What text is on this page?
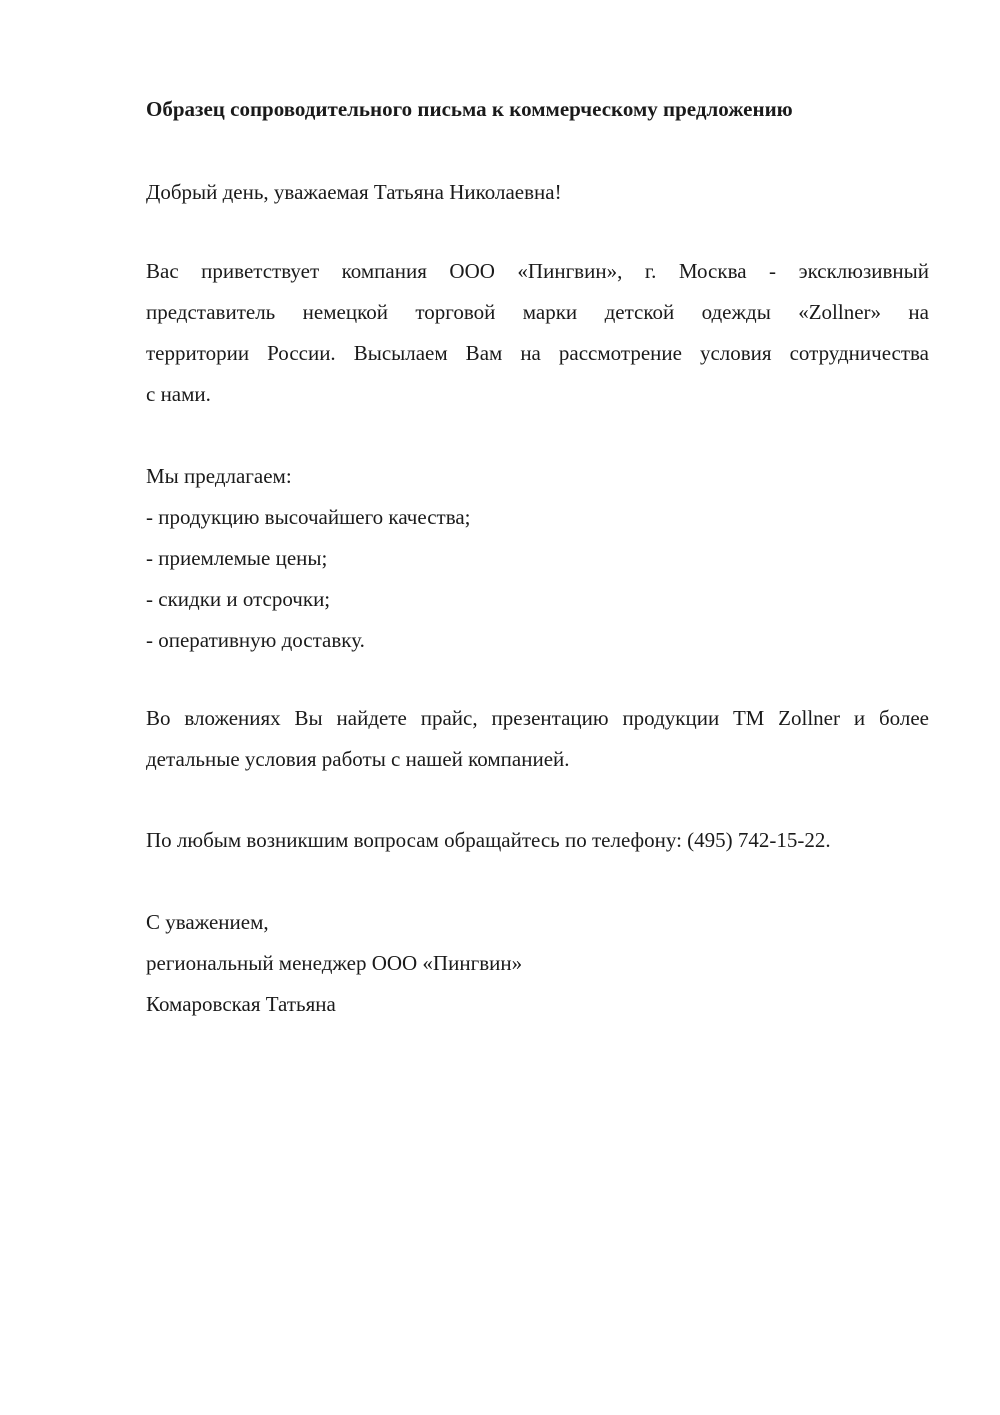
Образец сопроводительного письма к коммерческому предложению
Добрый день, уважаемая Татьяна Николаевна!
Вас приветствует компания ООО «Пингвин», г. Москва - эксклюзивный
представитель немецкой торговой марки детской одежды «Zollner» на
территории России. Высылаем Вам на рассмотрение условия сотрудничества
с нами.
Мы предлагаем:
- продукцию высочайшего качества;
- приемлемые цены;
- скидки и отсрочки;
- оперативную доставку.
Во вложениях Вы найдете прайс, презентацию продукции ТМ Zollner и более
детальные условия работы с нашей компанией.
По любым возникшим вопросам обращайтесь по телефону: (495) 742-15-22.
С уважением,
региональный менеджер ООО «Пингвин»
Комаровская Татьяна
